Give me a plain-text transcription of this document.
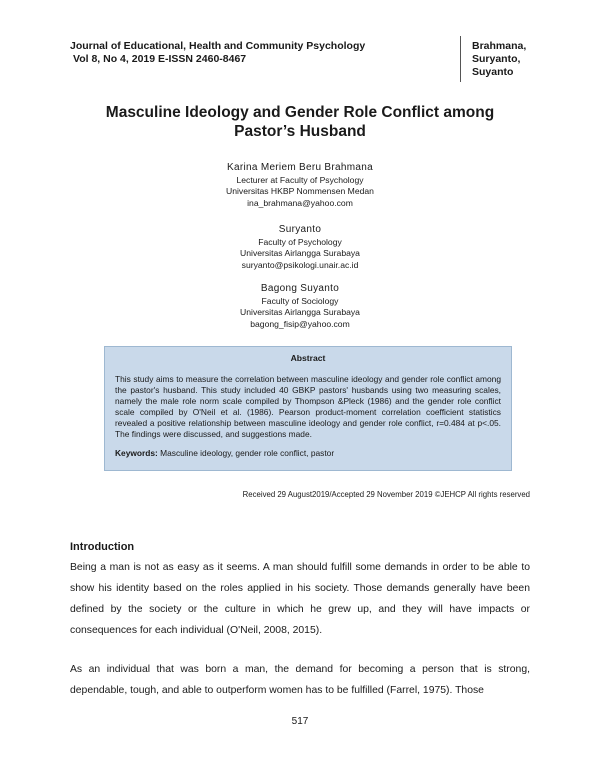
Journal of Educational, Health and Community Psychology
Vol 8, No 4, 2019 E-ISSN 2460-8467
Brahmana,
Suryanto,
Suyanto
Masculine Ideology and Gender Role Conflict among
Pastor’s Husband
Karina Meriem Beru Brahmana
Lecturer at Faculty of Psychology
Universitas HKBP Nommensen Medan
ina_brahmana@yahoo.com
Suryanto
Faculty of Psychology
Universitas Airlangga Surabaya
suryanto@psikologi.unair.ac.id
Bagong Suyanto
Faculty of Sociology
Universitas Airlangga Surabaya
bagong_fisip@yahoo.com
Abstract
This study aims to measure the correlation between masculine ideology and gender role conflict among the pastor's husband. This study included 40 GBKP pastors' husbands using two measuring scales, namely the male role norm scale compiled by Thompson &Pleck (1986) and the gender role conflict scale compiled by O'Neil et al. (1986). Pearson product-moment correlation coefficient statistics revealed a positive relationship between masculine ideology and gender role conflict, r=0.484 at p<.05. The findings were discussed, and suggestions made.
Keywords: Masculine ideology, gender role conflict, pastor
Received 29 August2019/Accepted 29 November 2019 ©JEHCP All rights reserved
Introduction
Being a man is not as easy as it seems. A man should fulfill some demands in order to be able to show his identity based on the roles applied in his society. Those demands generally have been defined by the society or the culture in which he grew up, and they will have impacts or consequences for each individual (O'Neil, 2008, 2015).
As an individual that was born a man, the demand for becoming a person that is strong, dependable, tough, and able to outperform women has to be fulfilled (Farrel, 1975). Those
517
